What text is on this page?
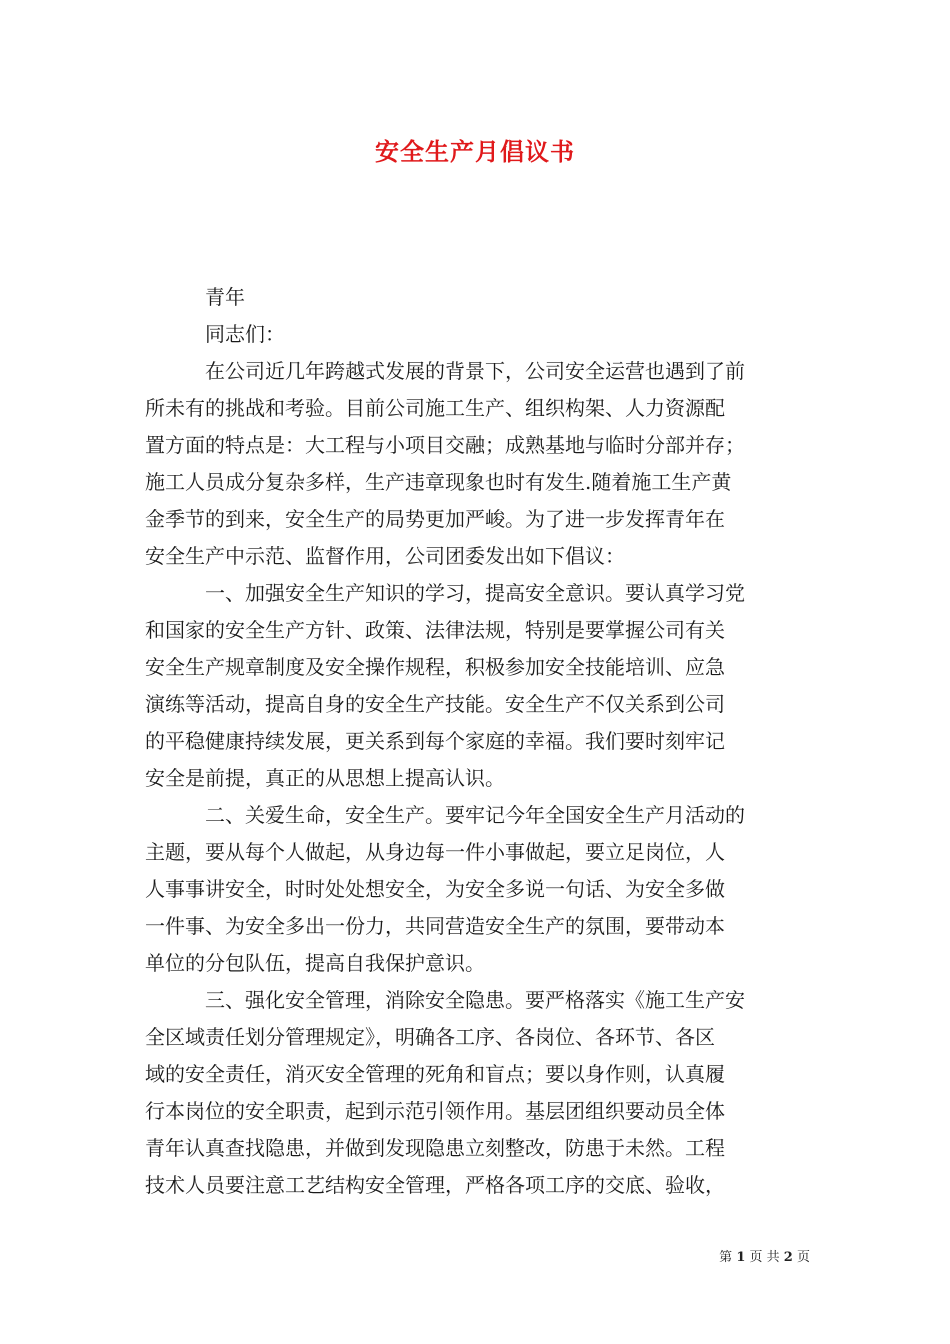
安全生产月倡议书
青年
同志们：
在公司近几年跨越式发展的背景下，公司安全运营也遇到了前
所未有的挑战和考验。目前公司施工生产、组织构架、人力资源配
置方面的特点是：大工程与小项目交融；成熟基地与临时分部并存；
施工人员成分复杂多样，生产违章现象也时有发生.随着施工生产黄
金季节的到来，安全生产的局势更加严峻。为了进一步发挥青年在
安全生产中示范、监督作用，公司团委发出如下倡议：
一、加强安全生产知识的学习，提高安全意识。要认真学习党
和国家的安全生产方针、政策、法律法规，特别是要掌握公司有关
安全生产规章制度及安全操作规程，积极参加安全技能培训、应急
演练等活动，提高自身的安全生产技能。安全生产不仅关系到公司
的平稳健康持续发展，更关系到每个家庭的幸福。我们要时刻牢记
安全是前提，真正的从思想上提高认识。
二、关爱生命，安全生产。要牢记今年全国安全生产月活动的
主题，要从每个人做起，从身边每一件小事做起，要立足岗位，人
人事事讲安全，时时处处想安全，为安全多说一句话、为安全多做
一件事、为安全多出一份力，共同营造安全生产的氛围，要带动本
单位的分包队伍，提高自我保护意识。
三、强化安全管理，消除安全隐患。要严格落实《施工生产安
全区域责任划分管理规定》，明确各工序、各岗位、各环节、各区
域的安全责任，消灭安全管理的死角和盲点；要以身作则，认真履
行本岗位的安全职责，起到示范引领作用。基层团组织要动员全体
青年认真查找隐患，并做到发现隐患立刻整改，防患于未然。工程
技术人员要注意工艺结构安全管理，严格各项工序的交底、验收，
第 1 页 共 2 页
